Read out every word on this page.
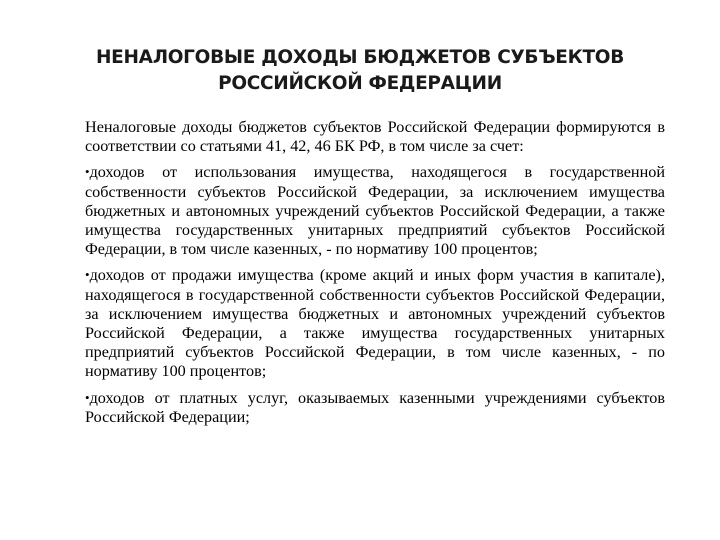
НЕНАЛОГОВЫЕ ДОХОДЫ БЮДЖЕТОВ СУБЪЕКТОВ
РОССИЙСКОЙ ФЕДЕРАЦИИ

Неналоговые доходы бюджетов субъектов Российской Федерации формируются в соответствии со статьями 41, 42, 46 БК РФ, в том числе за счет:

•доходов от использования имущества, находящегося в государственной собственности субъектов Российской Федерации, за исключением имущества бюджетных и автономных учреждений субъектов Российской Федерации, а также имущества государственных унитарных предприятий субъектов Российской Федерации, в том числе казенных, - по нормативу 100 процентов;

•доходов от продажи имущества (кроме акций и иных форм участия в капитале), находящегося в государственной собственности субъектов Российской Федерации, за исключением имущества бюджетных и автономных учреждений субъектов Российской Федерации, а также имущества государственных унитарных предприятий субъектов Российской Федерации, в том числе казенных, - по нормативу 100 процентов;

•доходов от платных услуг, оказываемых казенными учреждениями субъектов Российской Федерации;
